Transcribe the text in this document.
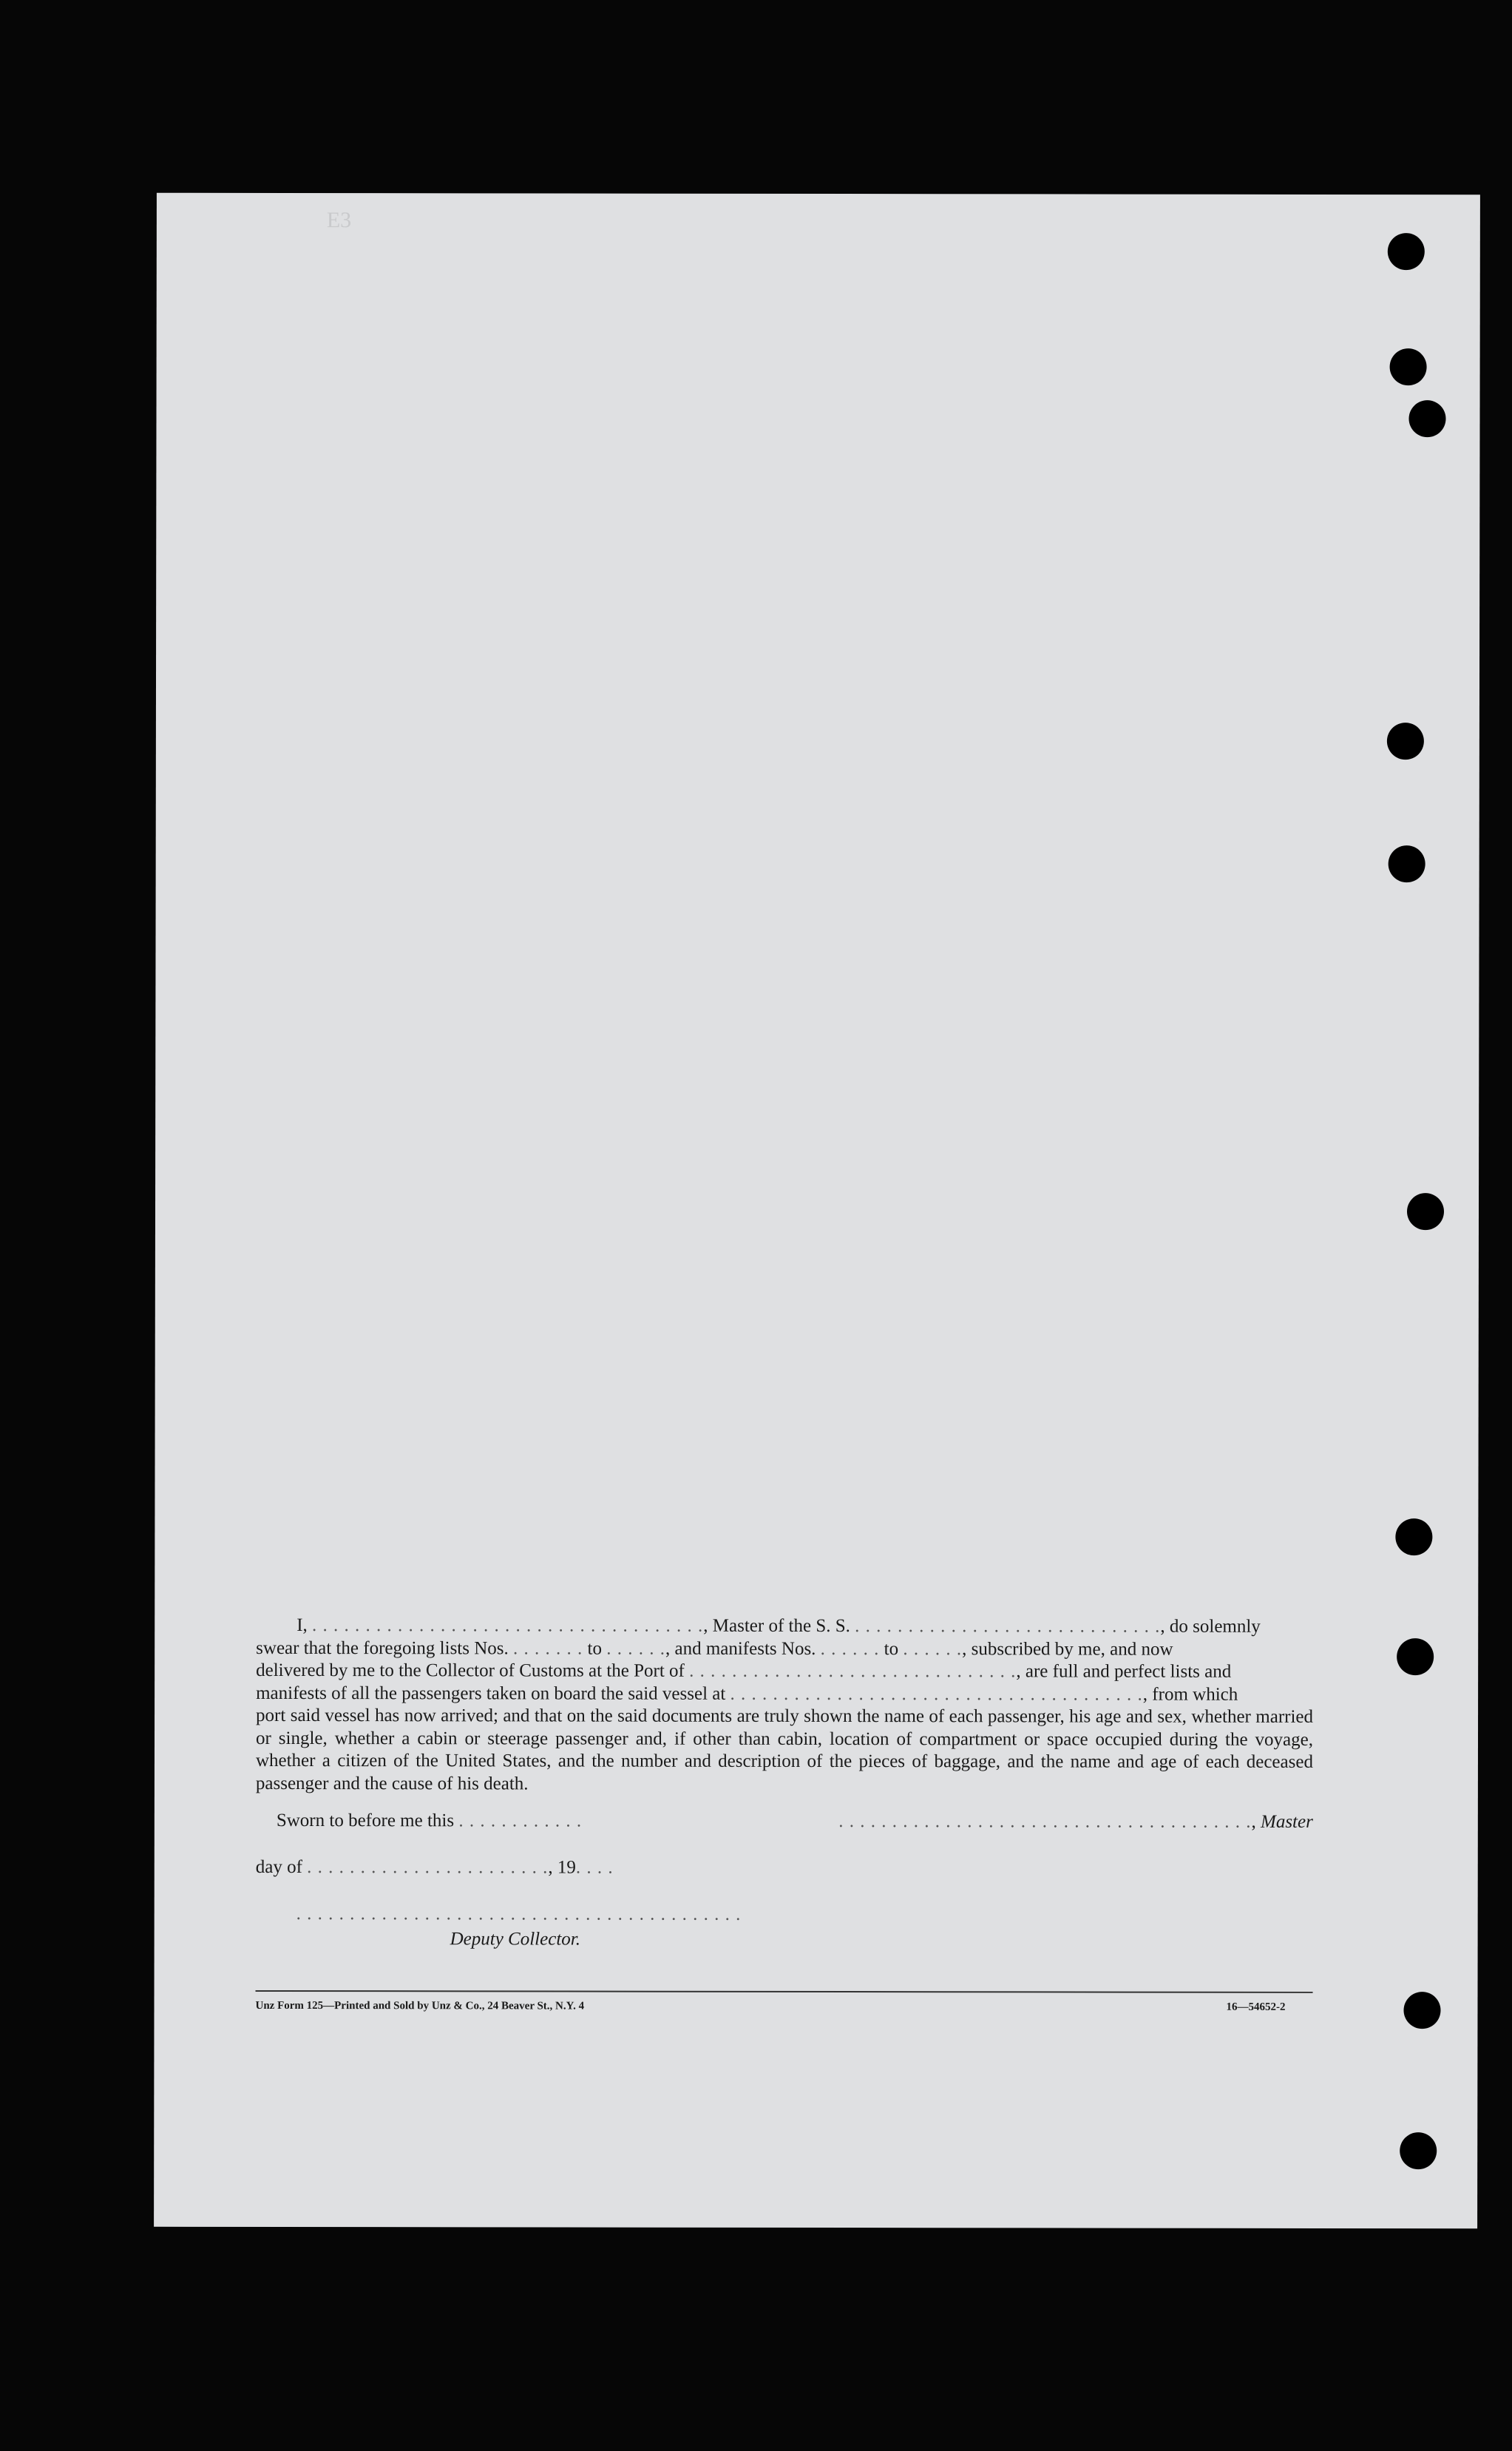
E3
I, . . . . . . . . . . . . . . . . . . . . . . . . . . . . . . . . . . . . ., Master of the S. S. . . . . . . . . . . . . . . . . . . . . . . . . . . . . ., do solemnly
swear that the foregoing lists Nos. . . . . . . . to . . . . . ., and manifests Nos. . . . . . . to . . . . . ., subscribed by me, and now
delivered by me to the Collector of Customs at the Port of . . . . . . . . . . . . . . . . . . . . . . . . . . . . . . ., are full and perfect lists and
manifests of all the passengers taken on board the said vessel at . . . . . . . . . . . . . . . . . . . . . . . . . . . . . . . . . . . . . . ., from which
port said vessel has now arrived; and that on the said documents are truly shown the name of each passenger, his age and sex, whether married or single, whether a cabin or steerage passenger and, if other than cabin, location of compartment or space occupied during the voyage, whether a citizen of the United States, and the number and description of the pieces of baggage, and the name and age of each deceased passenger and the cause of his death.
Sworn to before me this . . . . . . . . . . . .	. . . . . . . . . . . . . . . . . . . . . . . . . . . . . . . . . . . . . . ., Master
day of . . . . . . . . . . . . . . . . . . . . . . ., 19. . . .
. . . . . . . . . . . . . . . . . . . . . . . . . . . . . . . . . . . . . . . . . .
Deputy Collector.
Unz Form 125—Printed and Sold by Unz & Co., 24 Beaver St., N.Y. 4	16—54652-2
